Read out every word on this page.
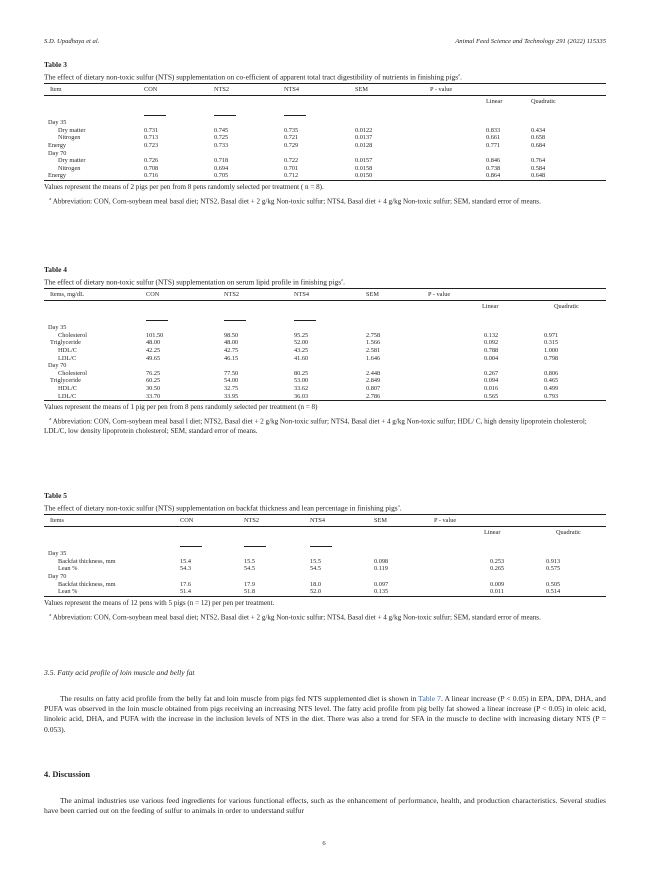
S.D. Upadhaya et al.	Animal Feed Science and Technology 291 (2022) 115335
Table 3
The effect of dietary non-toxic sulfur (NTS) supplementation on co-efficient of apparent total tract digestibility of nutrients in finishing pigs$^a$.
Item	CON	NTS2	NTS4	SEM	P - value	
					Linear	Quadratic

Day 35						
Dry matter	0.731	0.745	0.735	0.0122	0.833	0.434
Nitrogen	0.713	0.725	0.721	0.0137	0.661	0.658
Energy	0.723	0.733	0.729	0.0128	0.771	0.684
Day 70						
Dry matter	0.726	0.718	0.722	0.0157	0.846	0.764
Nitrogen	0.708	0.694	0.701	0.0158	0.738	0.584
Energy	0.716	0.705	0.712	0.0150	0.864	0.648
Values represent the means of 2 pigs per pen from 8 pens randomly selected per treatment ( n = 8).
$^a$ Abbreviation: CON, Corn-soybean meal basal diet; NTS2, Basal diet + 2 g/kg Non-toxic sulfur; NTS4, Basal diet + 4 g/kg Non-toxic sulfur; SEM, standard error of means.
Table 4
The effect of dietary non-toxic sulfur (NTS) supplementation on serum lipid profile in finishing pigs$^a$.
Items, mg/dL	CON	NTS2	NTS4	SEM	P - value	
					Linear	Quadratic

Day 35						
Cholesterol	101.50	98.50	95.25	2.758	0.132	0.971
Triglyceride	48.00	48.00	52.00	1.566	0.092	0.315
HDL/C	42.25	42.75	43.25	2.581	0.788	1.000
LDL/C	49.65	46.15	41.60	1.646	0.004	0.798
Day 70						
Cholesterol	76.25	77.50	80.25	2.448	0.267	0.806
Triglyceride	60.25	54.00	53.00	2.849	0.094	0.465
HDL/C	30.50	32.75	33.62	0.807	0.016	0.499
LDL/C	33.70	33.95	36.03	2.786	0.565	0.793
Values represent the means of 1 pig per pen from 8 pens randomly selected per treatment (n = 8)
$^a$ Abbreviation: CON, Corn-soybean meal basal l diet; NTS2, Basal diet + 2 g/kg Non-toxic sulfur; NTS4, Basal diet + 4 g/kg Non-toxic sulfur; HDL/ C, high density lipoprotein cholesterol; LDL/C, low density lipoprotein cholesterol; SEM, standard error of means.
Table 5
The effect of dietary non-toxic sulfur (NTS) supplementation on backfat thickness and lean percentage in finishing pigs$^a$.
Items	CON	NTS2	NTS4	SEM	P - value	
					Linear	Quadratic

Day 35						
Backfat thickness, mm	15.4	15.5	15.5	0.098	0.253	0.913
Lean %	54.3	54.5	54.5	0.119	0.265	0.575
Day 70						
Backfat thickness, mm	17.6	17.9	18.0	0.097	0.009	0.505
Lean %	51.4	51.8	52.0	0.135	0.011	0.514
Values represent the means of 12 pens with 5 pigs (n = 12) per pen per treatment.
$^a$ Abbreviation: CON, Corn-soybean meal basal diet; NTS2, Basal diet + 2 g/kg Non-toxic sulfur; NTS4, Basal diet + 4 g/kg Non-toxic sulfur; SEM, standard error of means.
3.5. Fatty acid profile of loin muscle and belly fat
The results on fatty acid profile from the belly fat and loin muscle from pigs fed NTS supplemented diet is shown in Table 7. A linear increase (P < 0.05) in EPA, DPA, DHA, and PUFA was observed in the loin muscle obtained from pigs receiving an increasing NTS level. The fatty acid profile from pig belly fat showed a linear increase (P < 0.05) in oleic acid, linoleic acid, DHA, and PUFA with the increase in the inclusion levels of NTS in the diet. There was also a trend for SFA in the muscle to decline with increasing dietary NTS (P = 0.053).
4. Discussion
The animal industries use various feed ingredients for various functional effects, such as the enhancement of performance, health, and production characteristics. Several studies have been carried out on the feeding of sulfur to animals in order to understand sulfur
6
